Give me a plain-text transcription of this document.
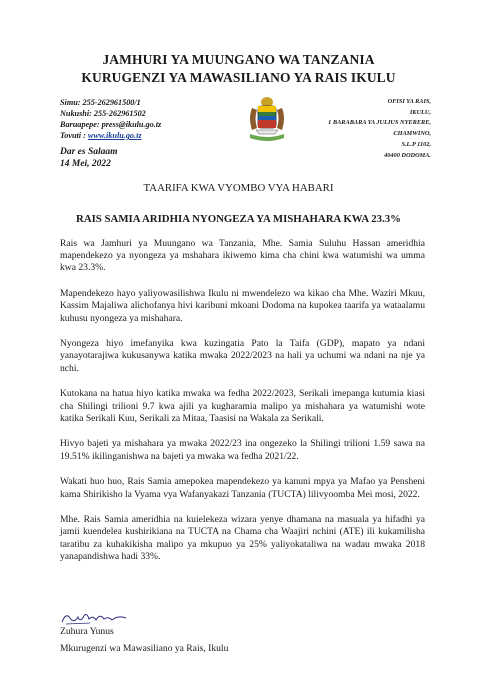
JAMHURI YA MUUNGANO WA TANZANIA
KURUGENZI YA MAWASILIANO YA RAIS IKULU
Simu: 255-262961500/1
Nukushi: 255-262961502
Baruapepe: press@ikulu.go.tz
Tovuti : www.ikulu.go.tz
OFISI YA RAIS,
IKULU,
1 BARABARA YA JULIUS NYERERE,
CHAMWINO,
S.L.P 1102,
40400 DODOMA.
Dar es Salaam
14 Mei, 2022
TAARIFA KWA VYOMBO VYA HABARI
RAIS SAMIA ARIDHIA NYONGEZA YA MISHAHARA KWA 23.3%

Rais wa Jamhuri ya Muungano wa Tanzania, Mhe. Samia Suluhu Hassan ameridhia mapendekezo ya nyongeza ya mshahara ikiwemo kima cha chini kwa watumishi wa umma kwa 23.3%.

Mapendekezo hayo yaliyowasilishwa Ikulu ni mwendelezo wa kikao cha Mhe. Waziri Mkuu, Kassim Majaliwa alichofanya hivi karibuni mkoani Dodoma na kupokea taarifa ya wataalamu kuhusu nyongeza ya mishahara.

Nyongeza hiyo imefanyika kwa kuzingatia Pato la Taifa (GDP), mapato ya ndani yanayotarajiwa kukusanywa katika mwaka 2022/2023 na hali ya uchumi wa ndani na nje ya nchi.

Kutokana na hatua hiyo katika mwaka wa fedha 2022/2023, Serikali imepanga kutumia kiasi cha Shilingi trilioni 9.7 kwa ajili ya kugharamia malipo ya mishahara ya watumishi wote katika Serikali Kuu, Serikali za Mitaa, Taasisi na Wakala za Serikali.

Hivyo bajeti ya mishahara ya mwaka 2022/23 ina ongezeko la Shilingi trilioni 1.59 sawa na 19.51% ikilinganishwa na bajeti ya mwaka wa fedha 2021/22.

Wakati huo huo, Rais Samia amepokea mapendekezo ya kanuni mpya ya Mafao ya Pensheni kama Shirikisho la Vyama vya Wafanyakazi Tanzania (TUCTA) lilivyoomba Mei mosi, 2022.

Mhe. Rais Samia ameridhia na kuielekeza wizara yenye dhamana na masuala ya hifadhi ya jamii kuendelea kushirikiana na TUCTA na Chama cha Waajiri nchini (ATE) ili kukamilisha taratibu za kuhakikisha malipo ya mkupuo ya 25% yaliyokataliwa na wadau mwaka 2018 yanapandishwa hadi 33%.

Zuhura Yunus
Mkurugenzi wa Mawasiliano ya Rais, Ikulu
